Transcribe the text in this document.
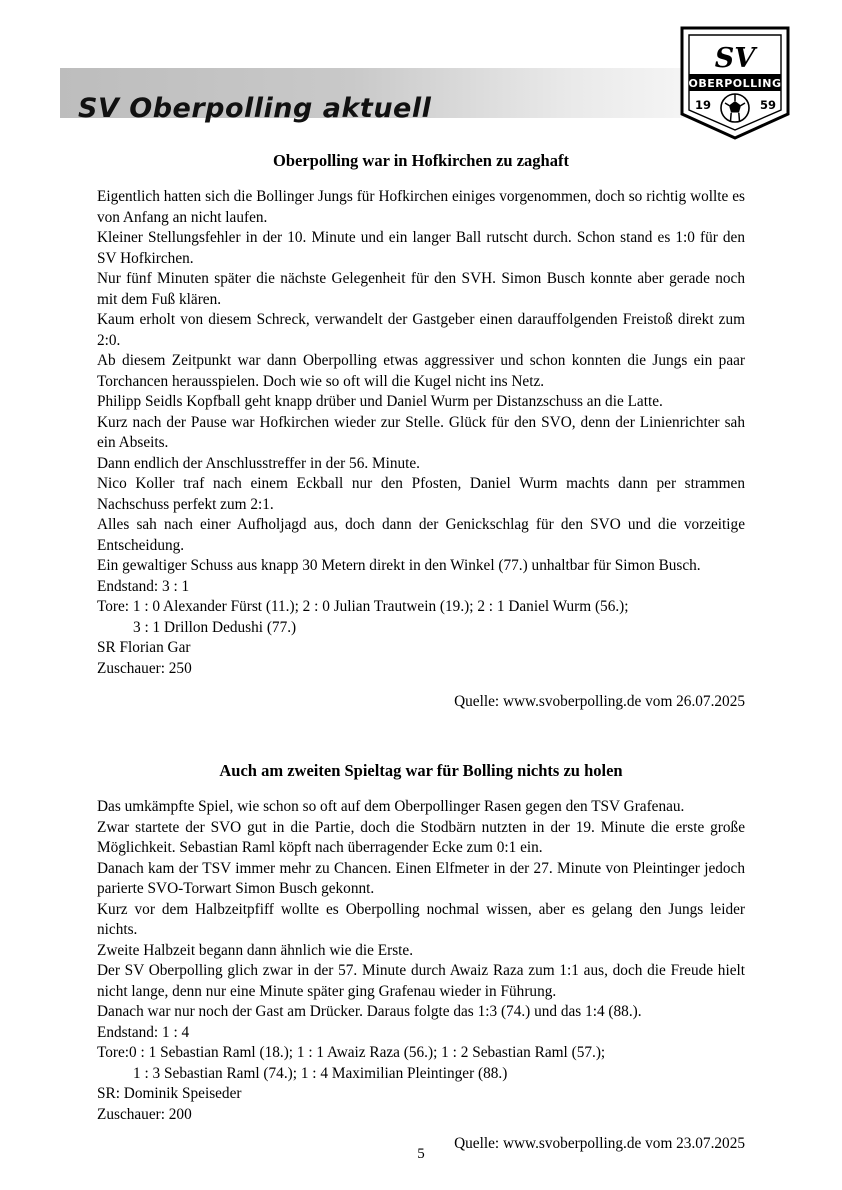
SV Oberpolling aktuell
SV
OBERPOLLING
19	59
Oberpolling war in Hofkirchen zu zaghaft

Eigentlich hatten sich die Bollinger Jungs für Hofkirchen einiges vorgenommen, doch so richtig wollte es von Anfang an nicht laufen.

Kleiner Stellungsfehler in der 10. Minute und ein langer Ball rutscht durch. Schon stand es 1:0 für den SV Hofkirchen.

Nur fünf Minuten später die nächste Gelegenheit für den SVH. Simon Busch konnte aber gerade noch mit dem Fuß klären.

Kaum erholt von diesem Schreck, verwandelt der Gastgeber einen darauffolgenden Freistoß direkt zum 2:0.

Ab diesem Zeitpunkt war dann Oberpolling etwas aggressiver und schon konnten die Jungs ein paar Torchancen herausspielen. Doch wie so oft will die Kugel nicht ins Netz.

Philipp Seidls Kopfball geht knapp drüber und Daniel Wurm per Distanzschuss an die Latte.

Kurz nach der Pause war Hofkirchen wieder zur Stelle. Glück für den SVO, denn der Linienrichter sah ein Abseits.

Dann endlich der Anschlusstreffer in der 56. Minute.

Nico Koller traf nach einem Eckball nur den Pfosten, Daniel Wurm machts dann per strammen Nachschuss perfekt zum 2:1.

Alles sah nach einer Aufholjagd aus, doch dann der Genickschlag für den SVO und die vorzeitige Entscheidung.

Ein gewaltiger Schuss aus knapp 30 Metern direkt in den Winkel (77.) unhaltbar für Simon Busch.

Endstand: 3 : 1

Tore: 1 : 0 Alexander Fürst (11.); 2 : 0 Julian Trautwein (19.); 2 : 1 Daniel Wurm (56.);

3 : 1 Drillon Dedushi (77.)

SR Florian Gar

Zuschauer: 250

Quelle: www.svoberpolling.de vom 26.07.2025
Auch am zweiten Spieltag war für Bolling nichts zu holen

Das umkämpfte Spiel, wie schon so oft auf dem Oberpollinger Rasen gegen den TSV Grafenau.

Zwar startete der SVO gut in die Partie, doch die Stodbärn nutzten in der 19. Minute die erste große Möglichkeit. Sebastian Raml köpft nach überragender Ecke zum 0:1 ein.

Danach kam der TSV immer mehr zu Chancen. Einen Elfmeter in der 27. Minute von Pleintinger jedoch parierte SVO-Torwart Simon Busch gekonnt.

Kurz vor dem Halbzeitpfiff wollte es Oberpolling nochmal wissen, aber es gelang den Jungs leider nichts.

Zweite Halbzeit begann dann ähnlich wie die Erste.

Der SV Oberpolling glich zwar in der 57. Minute durch Awaiz Raza zum 1:1 aus, doch die Freude hielt nicht lange, denn nur eine Minute später ging Grafenau wieder in Führung.

Danach war nur noch der Gast am Drücker. Daraus folgte das 1:3 (74.) und das 1:4 (88.).

Endstand: 1 : 4

Tore:0 : 1 Sebastian Raml (18.); 1 : 1 Awaiz Raza (56.); 1 : 2 Sebastian Raml (57.);

1 : 3 Sebastian Raml (74.); 1 : 4 Maximilian Pleintinger (88.)

SR: Dominik Speiseder

Zuschauer: 200

Quelle: www.svoberpolling.de vom 23.07.2025
5
